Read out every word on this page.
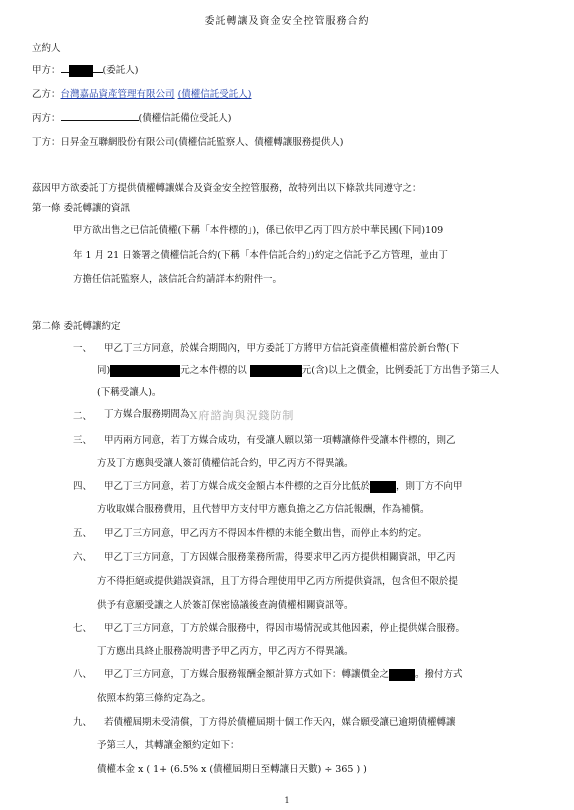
委託轉讓及資金安全控管服務合約
立約人
甲方：	(委託人)
乙方：台灣嘉品資產管理有限公司 (債權信託受託人)
丙方：	(債權信託備位受託人)
丁方：日昇金互聯網股份有限公司(債權信託監察人、債權轉讓服務提供人)
茲因甲方欲委託丁方提供債權轉讓媒合及資金安全控管服務，故特列出以下條款共同遵守之：
第一條 委託轉讓的資訊
甲方欲出售之已信託債權(下稱「本件標的」)，係已依甲乙丙丁四方於中華民國(下同)109
年 1 月 21 日簽署之債權信託合約(下稱「本件信託合約」)約定之信託予乙方管理，並由丁
方擔任信託監察人，該信託合約請詳本約附件一。
第二條 委託轉讓約定
一、 甲乙丁三方同意，於媒合期間內，甲方委託丁方將甲方信託資產債權相當於新台幣(下
同)	元之本件標的以	元(含)以上之價金，比例委託丁方出售予第三人
(下稱受讓人)。
二、 丁方媒合服務期間為X府諮詢與況錢防制
三、 甲丙兩方同意，若丁方媒合成功，有受讓人願以第一項轉讓條件受讓本件標的，則乙
方及丁方應與受讓人簽訂債權信託合約，甲乙丙方不得異議。
四、 甲乙丁三方同意，若丁方媒合成交金額占本件標的之百分比低於	，則丁方不向甲
方收取媒合服務費用，且代替甲方支付甲方應負擔之乙方信託報酬，作為補償。
五、 甲乙丁三方同意，甲乙丙方不得因本件標的未能全數出售，而停止本約約定。
六、 甲乙丁三方同意，丁方因媒合服務業務所需，得要求甲乙丙方提供相關資訊，甲乙丙
方不得拒絕或提供錯誤資訊，且丁方得合理使用甲乙丙方所提供資訊，包含但不限於提
供予有意願受讓之人於簽訂保密協議後查詢債權相關資訊等。
七、 甲乙丁三方同意，丁方於媒合服務中，得因市場情況或其他因素，停止提供媒合服務。
丁方應出具終止服務說明書予甲乙丙方，甲乙丙方不得異議。
八、 甲乙丁三方同意，丁方媒合服務報酬金額計算方式如下：轉讓價金之	。撥付方式
依照本約第三條約定為之。
九、 若債權屆期未受清償，丁方得於債權屆期十個工作天內，媒合願受讓已逾期債權轉讓
予第三人，其轉讓金額約定如下：
債權本金 x ( 1+ (6.5% x (債權屆期日至轉讓日天數) ÷ 365 ) )
1
